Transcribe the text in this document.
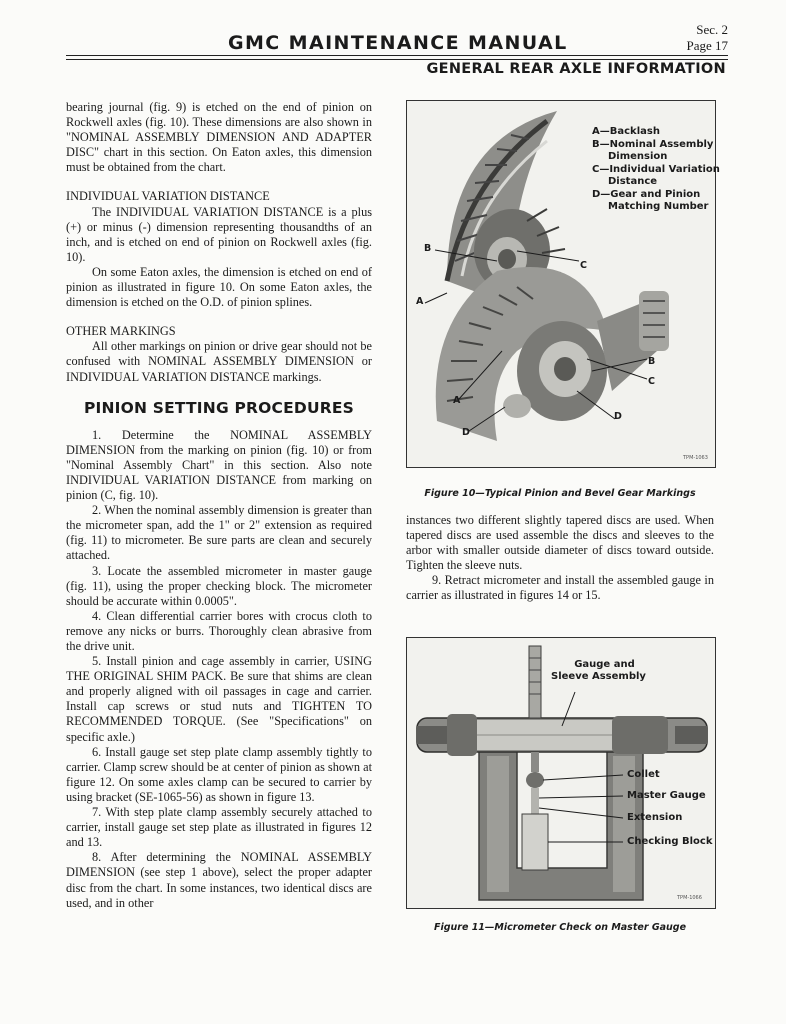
GMC MAINTENANCE MANUAL
Sec. 2
Page 17
GENERAL REAR AXLE INFORMATION

bearing journal (fig. 9) is etched on the end of pinion on Rockwell axles (fig. 10). These dimensions are also shown in "NOMINAL ASSEMBLY DIMENSION AND ADAPTER DISC" chart in this section. On Eaton axles, this dimension must be obtained from the chart.

INDIVIDUAL VARIATION DISTANCE

The INDIVIDUAL VARIATION DISTANCE is a plus (+) or minus (-) dimension representing thousandths of an inch, and is etched on end of pinion on Rockwell axles (fig. 10).

On some Eaton axles, the dimension is etched on end of pinion as illustrated in figure 10. On some Eaton axles, the dimension is etched on the O.D. of pinion splines.

OTHER MARKINGS

All other markings on pinion or drive gear should not be confused with NOMINAL ASSEMBLY DIMENSION or INDIVIDUAL VARIATION DISTANCE markings.

PINION SETTING PROCEDURES

1. Determine the NOMINAL ASSEMBLY DIMENSION from the marking on pinion (fig. 10) or from "Nominal Assembly Chart" in this section. Also note INDIVIDUAL VARIATION DISTANCE from marking on pinion (C, fig. 10).

2. When the nominal assembly dimension is greater than the micrometer span, add the 1" or 2" extension as required (fig. 11) to micrometer. Be sure parts are clean and securely attached.

3. Locate the assembled micrometer in master gauge (fig. 11), using the proper checking block. The micrometer should be accurate within 0.0005".

4. Clean differential carrier bores with crocus cloth to remove any nicks or burrs. Thoroughly clean abrasive from the drive unit.

5. Install pinion and cage assembly in carrier, USING THE ORIGINAL SHIM PACK. Be sure that shims are clean and properly aligned with oil passages in cage and carrier. Install cap screws or stud nuts and TIGHTEN TO RECOMMENDED TORQUE. (See "Specifications" on specific axle.)

6. Install gauge set step plate clamp assembly tightly to carrier. Clamp screw should be at center of pinion as shown at figure 12. On some axles clamp can be secured to carrier by using bracket (SE-1065-56) as shown in figure 13.

7. With step plate clamp assembly securely attached to carrier, install gauge set step plate as illustrated in figures 12 and 13.

8. After determining the NOMINAL ASSEMBLY DIMENSION (see step 1 above), select the proper adapter disc from the chart. In some instances, two identical discs are used, and in other

A—Backlash
B—Nominal Assembly
Dimension
C—Individual Variation
Distance
D—Gear and Pinion
Matching Number
B
C
A
B
C
A
D
D
TPM-1063
Figure 10—Typical Pinion and Bevel Gear Markings

instances two different slightly tapered discs are used. When tapered discs are used assemble the discs and sleeves to the arbor with smaller outside diameter of discs toward outside. Tighten the sleeve nuts.

9. Retract micrometer and install the assembled gauge in carrier as illustrated in figures 14 or 15.

Gauge and
Sleeve Assembly
Collet
Master Gauge
Extension
Checking Block
TPM-1066
Figure 11—Micrometer Check on Master Gauge
